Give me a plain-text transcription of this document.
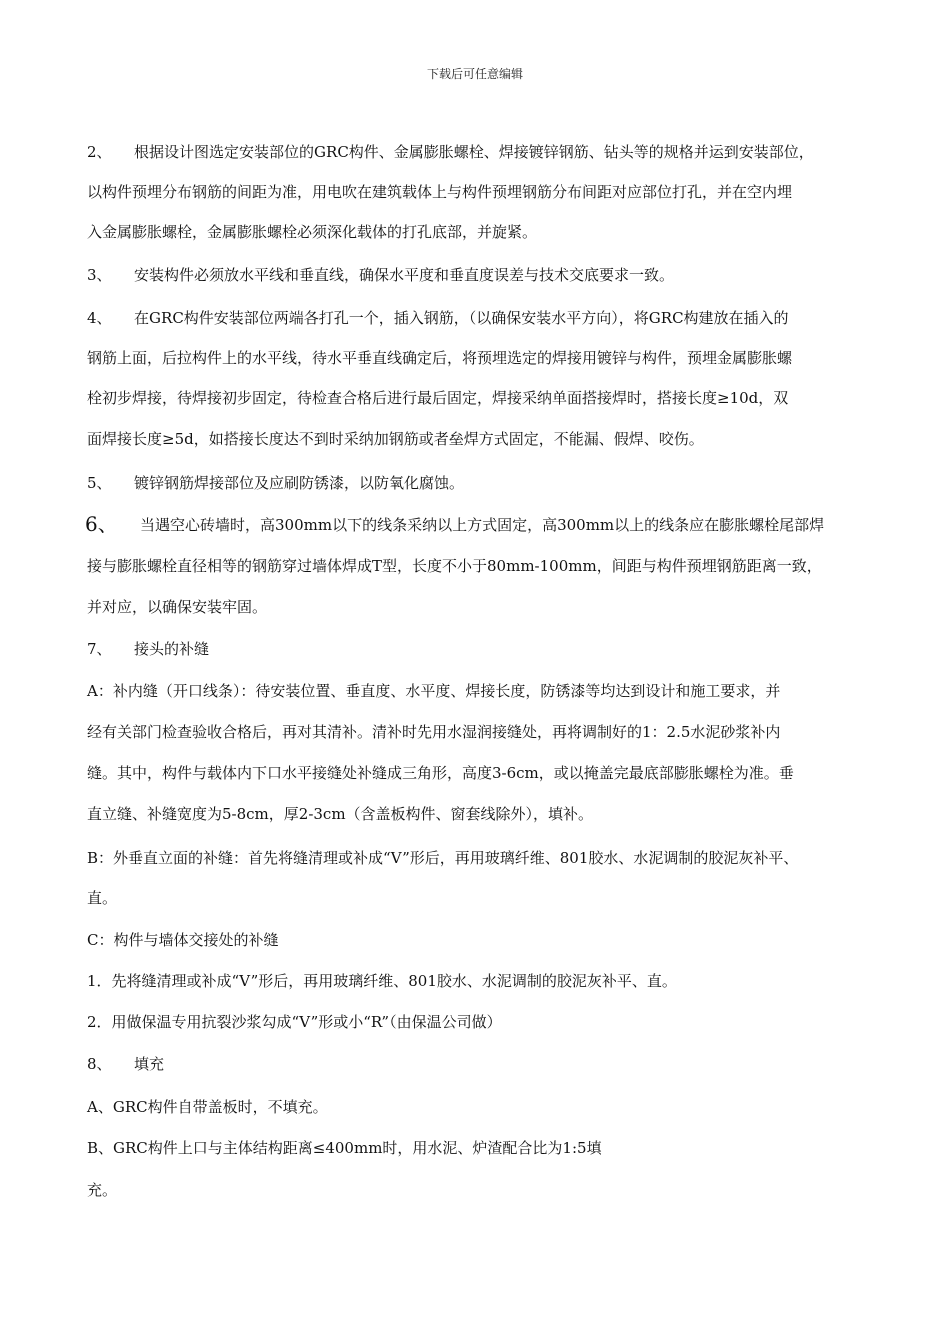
下载后可任意编辑
2、　　根据设计图选定安装部位的GRC构件、金属膨胀螺栓、焊接镀锌钢筋、钻头等的规格并运到安装部位，
以构件预埋分布钢筋的间距为准，用电吹在建筑载体上与构件预埋钢筋分布间距对应部位打孔，并在空内埋
入金属膨胀螺栓，金属膨胀螺栓必须深化载体的打孔底部，并旋紧。
3、　　安装构件必须放水平线和垂直线，确保水平度和垂直度误差与技术交底要求一致。
4、　　在GRC构件安装部位两端各打孔一个，插入钢筋，（以确保安装水平方向），将GRC构建放在插入的
钢筋上面，后拉构件上的水平线，待水平垂直线确定后，将预埋选定的焊接用镀锌与构件，预埋金属膨胀螺
栓初步焊接，待焊接初步固定，待检查合格后进行最后固定，焊接采纳单面搭接焊时，搭接长度≥10d，双
面焊接长度≥5d，如搭接长度达不到时采纳加钢筋或者垒焊方式固定，不能漏、假焊、咬伤。
5、　　镀锌钢筋焊接部位及应刷防锈漆，以防氧化腐蚀。
6、 当遇空心砖墙时，高300mm以下的线条采纳以上方式固定，高300mm以上的线条应在膨胀螺栓尾部焊
接与膨胀螺栓直径相等的钢筋穿过墙体焊成T型，长度不小于80mm-100mm，间距与构件预埋钢筋距离一致，
并对应，以确保安装牢固。
7、　　接头的补缝
A：补内缝（开口线条）：待安装位置、垂直度、水平度、焊接长度，防锈漆等均达到设计和施工要求，并
经有关部门检查验收合格后，再对其清补。清补时先用水湿润接缝处，再将调制好的1：2.5水泥砂浆补内
缝。其中，构件与载体内下口水平接缝处补缝成三角形，高度3-6cm，或以掩盖完最底部膨胀螺栓为准。垂
直立缝、补缝宽度为5-8cm，厚2-3cm（含盖板构件、窗套线除外），填补。
B：外垂直立面的补缝：首先将缝清理或补成“V”形后，再用玻璃纤维、801胶水、水泥调制的胶泥灰补平、
直。
C：构件与墙体交接处的补缝
1．先将缝清理或补成“V”形后，再用玻璃纤维、801胶水、水泥调制的胶泥灰补平、直。
2．用做保温专用抗裂沙浆勾成“V”形或小“R”（由保温公司做）
8、　　填充
A、GRC构件自带盖板时，不填充。
B、GRC构件上口与主体结构距离≤400mm时，用水泥、炉渣配合比为1:5填
充。
